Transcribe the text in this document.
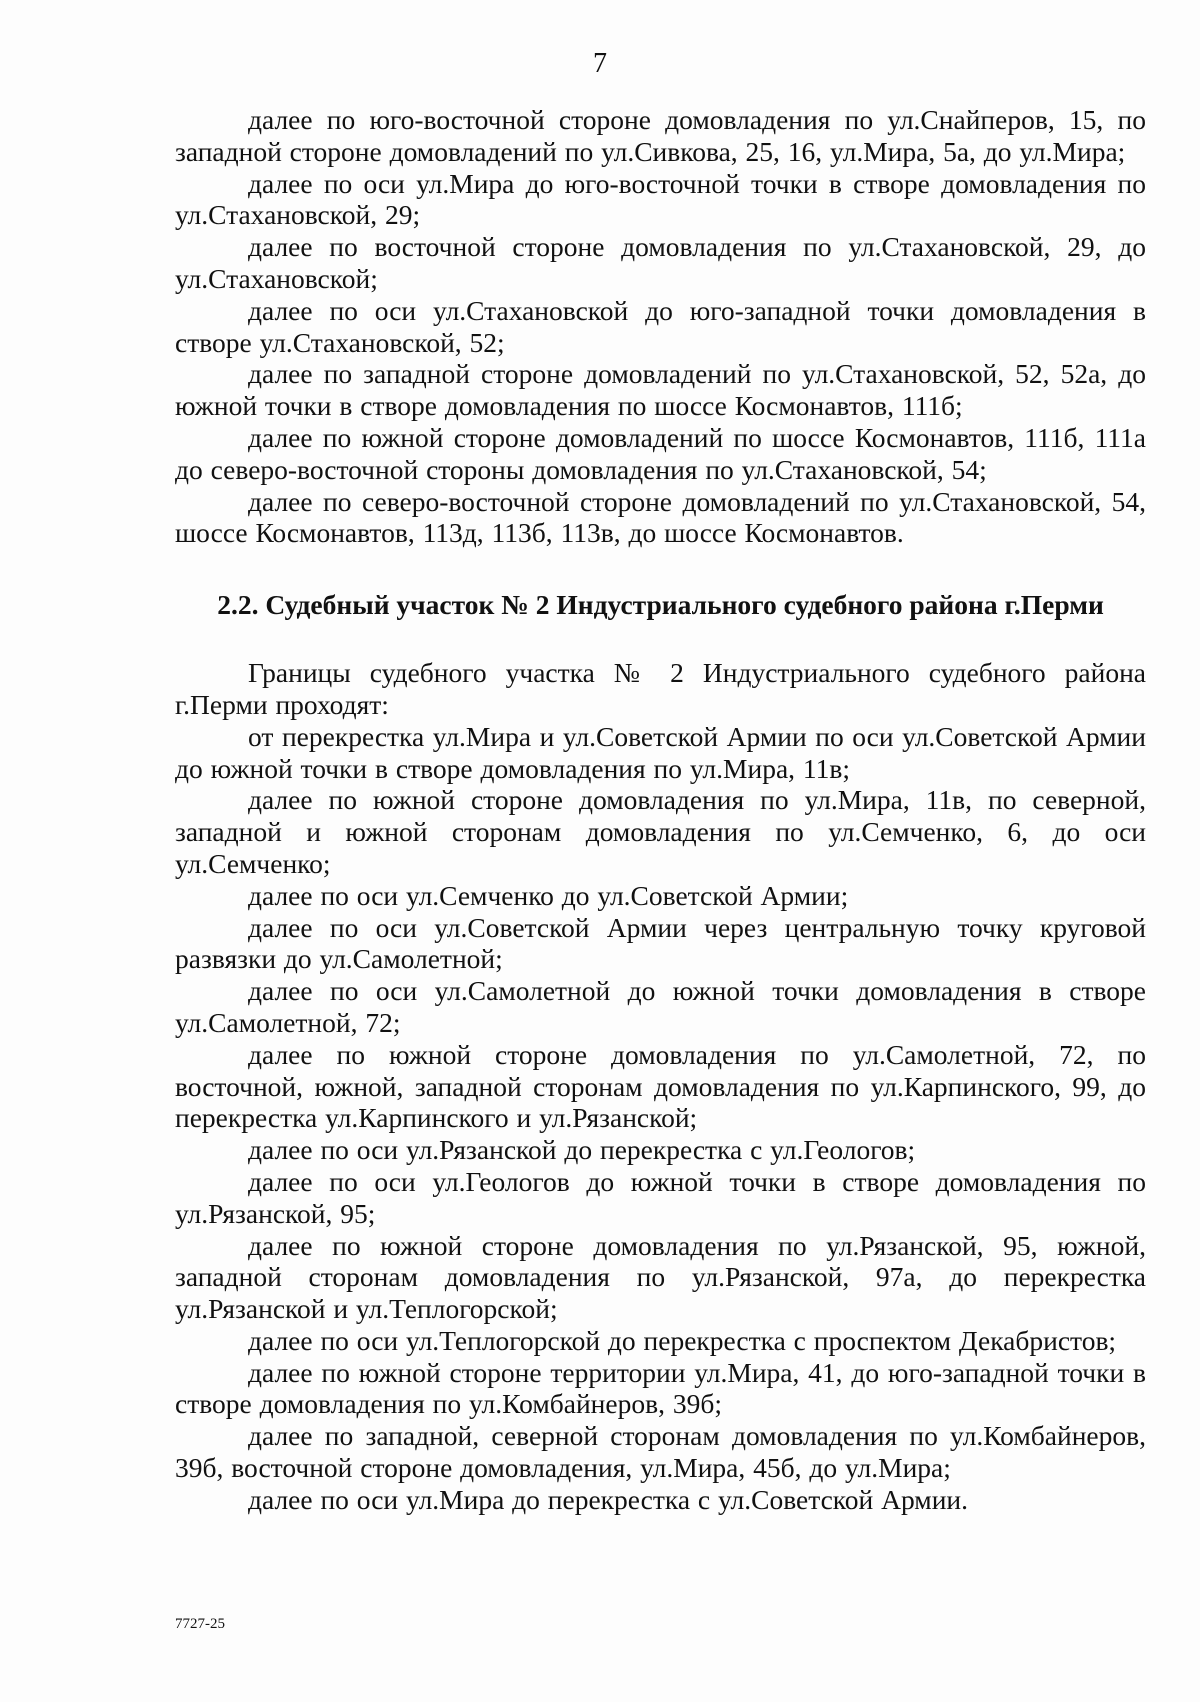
7

далее по юго-восточной стороне домовладения по ул.Снайперов, 15, по западной стороне домовладений по ул.Сивкова, 25, 16, ул.Мира, 5а, до ул.Мира;

далее по оси ул.Мира до юго-восточной точки в створе домовладения по ул.Стахановской, 29;

далее по восточной стороне домовладения по ул.Стахановской, 29, до ул.Стахановской;

далее по оси ул.Стахановской до юго-западной точки домовладения в створе ул.Стахановской, 52;

далее по западной стороне домовладений по ул.Стахановской, 52, 52а, до южной точки в створе домовладения по шоссе Космонавтов, 111б;

далее по южной стороне домовладений по шоссе Космонавтов, 111б, 111а до северо-восточной стороны домовладения по ул.Стахановской, 54;

далее по северо-восточной стороне домовладений по ул.Стахановской, 54, шоссе Космонавтов, 113д, 113б, 113в, до шоссе Космонавтов.

2.2. Судебный участок № 2 Индустриального судебного района г.Перми

Границы судебного участка № 2 Индустриального судебного района г.Перми проходят:

от перекрестка ул.Мира и ул.Советской Армии по оси ул.Советской Армии до южной точки в створе домовладения по ул.Мира, 11в;

далее по южной стороне домовладения по ул.Мира, 11в, по северной, западной и южной сторонам домовладения по ул.Семченко, 6, до оси ул.Семченко;

далее по оси ул.Семченко до ул.Советской Армии;

далее по оси ул.Советской Армии через центральную точку круговой развязки до ул.Самолетной;

далее по оси ул.Самолетной до южной точки домовладения в створе ул.Самолетной, 72;

далее по южной стороне домовладения по ул.Самолетной, 72, по восточной, южной, западной сторонам домовладения по ул.Карпинского, 99, до перекрестка ул.Карпинского и ул.Рязанской;

далее по оси ул.Рязанской до перекрестка с ул.Геологов;

далее по оси ул.Геологов до южной точки в створе домовладения по ул.Рязанской, 95;

далее по южной стороне домовладения по ул.Рязанской, 95, южной, западной сторонам домовладения по ул.Рязанской, 97а, до перекрестка ул.Рязанской и ул.Теплогорской;

далее по оси ул.Теплогорской до перекрестка с проспектом Декабристов;

далее по южной стороне территории ул.Мира, 41, до юго-западной точки в створе домовладения по ул.Комбайнеров, 39б;

далее по западной, северной сторонам домовладения по ул.Комбайнеров, 39б, восточной стороне домовладения, ул.Мира, 45б, до ул.Мира;

далее по оси ул.Мира до перекрестка с ул.Советской Армии.

7727-25
